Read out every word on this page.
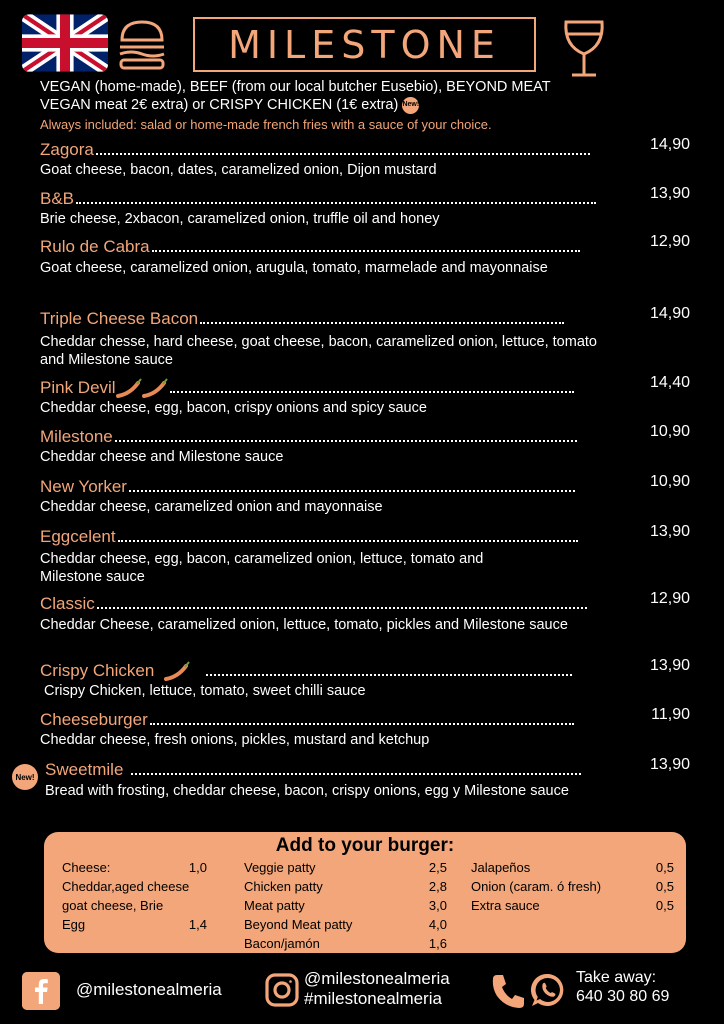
MILESTONE
VEGAN (home-made), BEEF (from our local butcher Eusebio), BEYOND MEAT
VEGAN meat 2€ extra) or CRISPY CHICKEN (1€ extra) New!
Always included: salad or home-made french fries with a sauce of your choice.
Zagora	14,90
Goat cheese, bacon, dates, caramelized onion, Dijon mustard
B&B	13,90
Brie cheese, 2xbacon, caramelized onion, truffle oil and honey
Rulo de Cabra	12,90
Goat cheese, caramelized onion, arugula, tomato, marmelade and mayonnaise
Triple Cheese Bacon	14,90
Cheddar chesse, hard cheese, goat cheese, bacon, caramelized onion, lettuce, tomato and Milestone sauce
Pink Devil	14,40
Cheddar cheese, egg, bacon, crispy onions and spicy sauce
Milestone	10,90
Cheddar cheese and Milestone sauce
New Yorker	10,90
Cheddar cheese, caramelized onion and mayonnaise
Eggcelent	13,90
Cheddar cheese, egg, bacon, caramelized onion, lettuce, tomato and Milestone sauce
Classic	12,90
Cheddar Cheese, caramelized onion, lettuce, tomato, pickles and Milestone sauce
Crispy Chicken	13,90
Crispy Chicken, lettuce, tomato, sweet chilli sauce
Cheeseburger	11,90
Cheddar cheese, fresh onions, pickles, mustard and ketchup
New! Sweetmile	13,90
Bread with frosting, cheddar cheese, bacon, crispy onions, egg y Milestone sauce
Add to your burger:
Cheese:	1,0
Cheddar,aged cheese
goat cheese, Brie
Egg	1,4
Veggie patty	2,5
Chicken patty	2,8
Meat patty	3,0
Beyond Meat patty	4,0
Bacon/jamón	1,6
Jalapeños	0,5
Onion (caram. ó fresh)	0,5
Extra sauce	0,5
@milestonealmeria
@milestonealmeria
#milestonealmeria
Take away:
640 30 80 69
